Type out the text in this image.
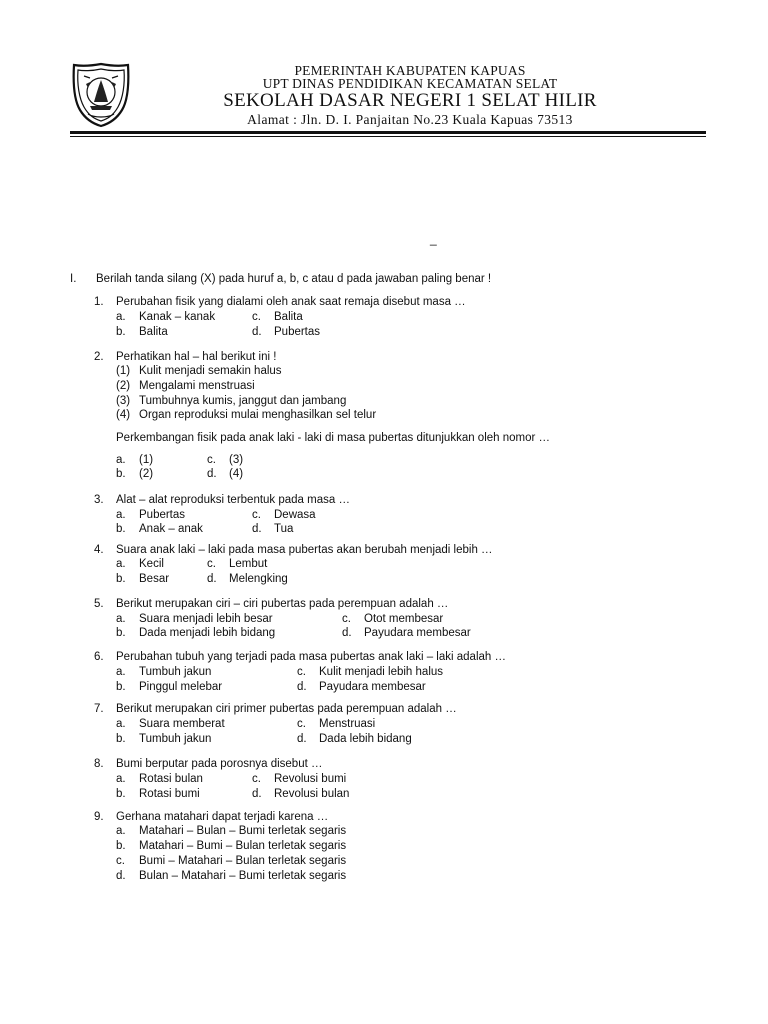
PEMERINTAH KABUPATEN KAPUAS
UPT DINAS PENDIDIKAN KECAMATAN SELAT
SEKOLAH DASAR NEGERI 1 SELAT HILIR
Alamat : Jln. D. I. Panjaitan No.23 Kuala Kapuas 73513
_
I. Berilah tanda silang (X) pada huruf a, b, c atau d pada jawaban paling benar !
1. Perubahan fisik yang dialami oleh anak saat remaja disebut masa …
a. Kanak – kanak	c. Balita
b. Balita	d. Pubertas
2. Perhatikan hal – hal berikut ini !
(1) Kulit menjadi semakin halus
(2) Mengalami menstruasi
(3) Tumbuhnya kumis, janggut dan jambang
(4) Organ reproduksi mulai menghasilkan sel telur
Perkembangan fisik pada anak laki - laki di masa pubertas ditunjukkan oleh nomor …
a. (1)	c. (3)
b. (2)	d. (4)
3. Alat – alat reproduksi terbentuk pada masa …
a. Pubertas	c. Dewasa
b. Anak – anak	d. Tua
4. Suara anak laki – laki pada masa pubertas akan berubah menjadi lebih …
a. Kecil	c. Lembut
b. Besar	d. Melengking
5. Berikut merupakan ciri – ciri pubertas pada perempuan adalah …
a. Suara menjadi lebih besar	c. Otot membesar
b. Dada menjadi lebih bidang	d. Payudara membesar
6. Perubahan tubuh yang terjadi pada masa pubertas anak laki – laki adalah …
a. Tumbuh jakun	c. Kulit menjadi lebih halus
b. Pinggul melebar	d. Payudara membesar
7. Berikut merupakan ciri primer pubertas pada perempuan adalah …
a. Suara memberat	c. Menstruasi
b. Tumbuh jakun	d. Dada lebih bidang
8. Bumi berputar pada porosnya disebut …
a. Rotasi bulan	c. Revolusi bumi
b. Rotasi bumi	d. Revolusi bulan
9. Gerhana matahari dapat terjadi karena …
a. Matahari – Bulan – Bumi terletak segaris
b. Matahari – Bumi – Bulan terletak segaris
c. Bumi – Matahari – Bulan terletak segaris
d. Bulan – Matahari – Bumi terletak segaris
